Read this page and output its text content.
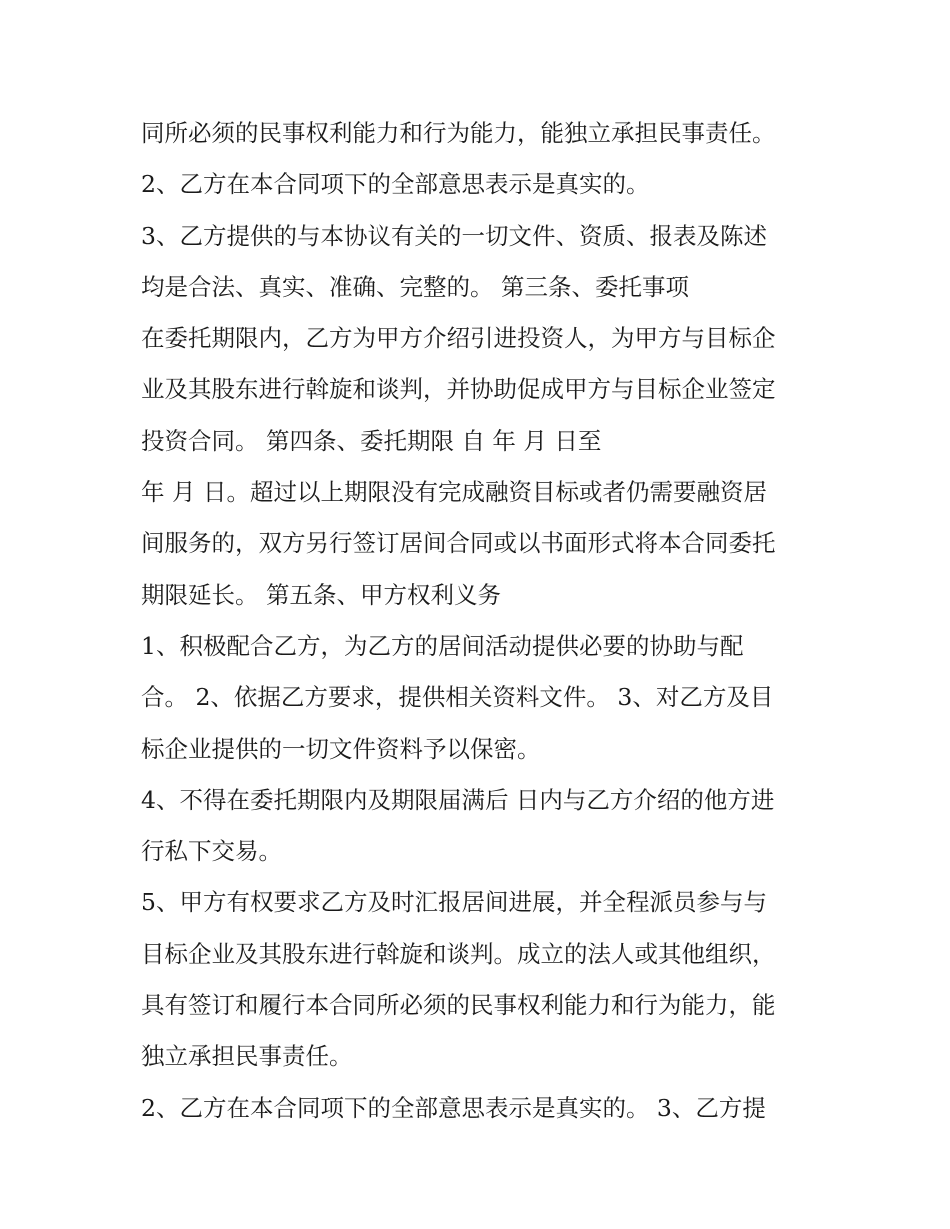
同所必须的民事权利能力和行为能力，能独立承担民事责任。
2、乙方在本合同项下的全部意思表示是真实的。
3、乙方提供的与本协议有关的一切文件、资质、报表及陈述
均是合法、真实、准确、完整的。 第三条、委托事项
在委托期限内，乙方为甲方介绍引进投资人，为甲方与目标企
业及其股东进行斡旋和谈判，并协助促成甲方与目标企业签定
投资合同。 第四条、委托期限 自 年 月 日至
年 月 日。超过以上期限没有完成融资目标或者仍需要融资居
间服务的，双方另行签订居间合同或以书面形式将本合同委托
期限延长。 第五条、甲方权利义务
1、积极配合乙方，为乙方的居间活动提供必要的协助与配
合。 2、依据乙方要求，提供相关资料文件。 3、对乙方及目
标企业提供的一切文件资料予以保密。
4、不得在委托期限内及期限届满后 日内与乙方介绍的他方进
行私下交易。
5、甲方有权要求乙方及时汇报居间进展，并全程派员参与与
目标企业及其股东进行斡旋和谈判。成立的法人或其他组织，
具有签订和履行本合同所必须的民事权利能力和行为能力，能
独立承担民事责任。
2、乙方在本合同项下的全部意思表示是真实的。 3、乙方提
